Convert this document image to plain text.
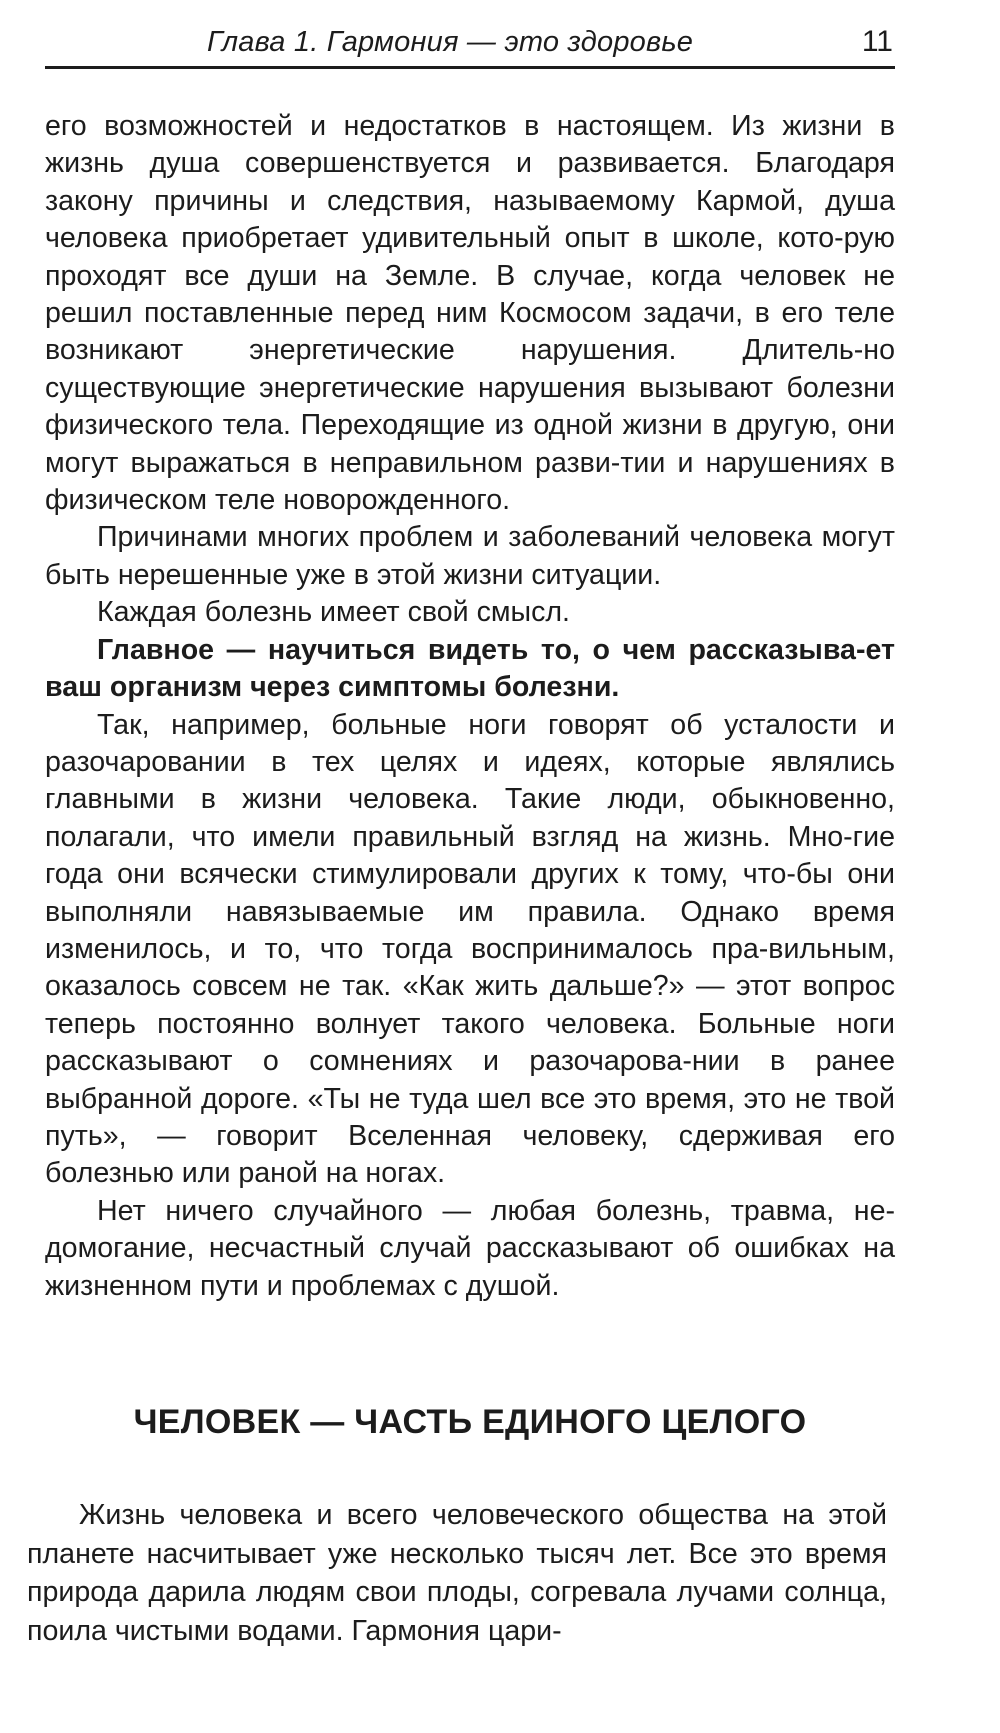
Глава 1. Гармония — это здоровье	11

его возможностей и недостатков в настоящем. Из жизни в жизнь душа совершенствуется и развивается. Благодаря закону причины и следствия, называемому Кармой, душа человека приобретает удивительный опыт в школе, кото-рую проходят все души на Земле. В случае, когда человек не решил поставленные перед ним Космосом задачи, в его теле возникают энергетические нарушения. Длитель-но существующие энергетические нарушения вызывают болезни физического тела. Переходящие из одной жизни в другую, они могут выражаться в неправильном разви-тии и нарушениях в физическом теле новорожденного.

Причинами многих проблем и заболеваний человека могут быть нерешенные уже в этой жизни ситуации.

Каждая болезнь имеет свой смысл.

Главное — научиться видеть то, о чем рассказыва-ет ваш организм через симптомы болезни.

Так, например, больные ноги говорят об усталости и разочаровании в тех целях и идеях, которые являлись главными в жизни человека. Такие люди, обыкновенно, полагали, что имели правильный взгляд на жизнь. Мно-гие года они всячески стимулировали других к тому, что-бы они выполняли навязываемые им правила. Однако время изменилось, и то, что тогда воспринималось пра-вильным, оказалось совсем не так. «Как жить дальше?» — этот вопрос теперь постоянно волнует такого человека. Больные ноги рассказывают о сомнениях и разочарова-нии в ранее выбранной дороге. «Ты не туда шел все это время, это не твой путь», — говорит Вселенная человеку, сдерживая его болезнью или раной на ногах.

Нет ничего случайного — любая болезнь, травма, не-домогание, несчастный случай рассказывают об ошибках на жизненном пути и проблемах с душой.

ЧЕЛОВЕК — ЧАСТЬ ЕДИНОГО ЦЕЛОГО

Жизнь человека и всего человеческого общества на этой планете насчитывает уже несколько тысяч лет. Все это время природа дарила людям свои плоды, согревала лучами солнца, поила чистыми водами. Гармония цари-
